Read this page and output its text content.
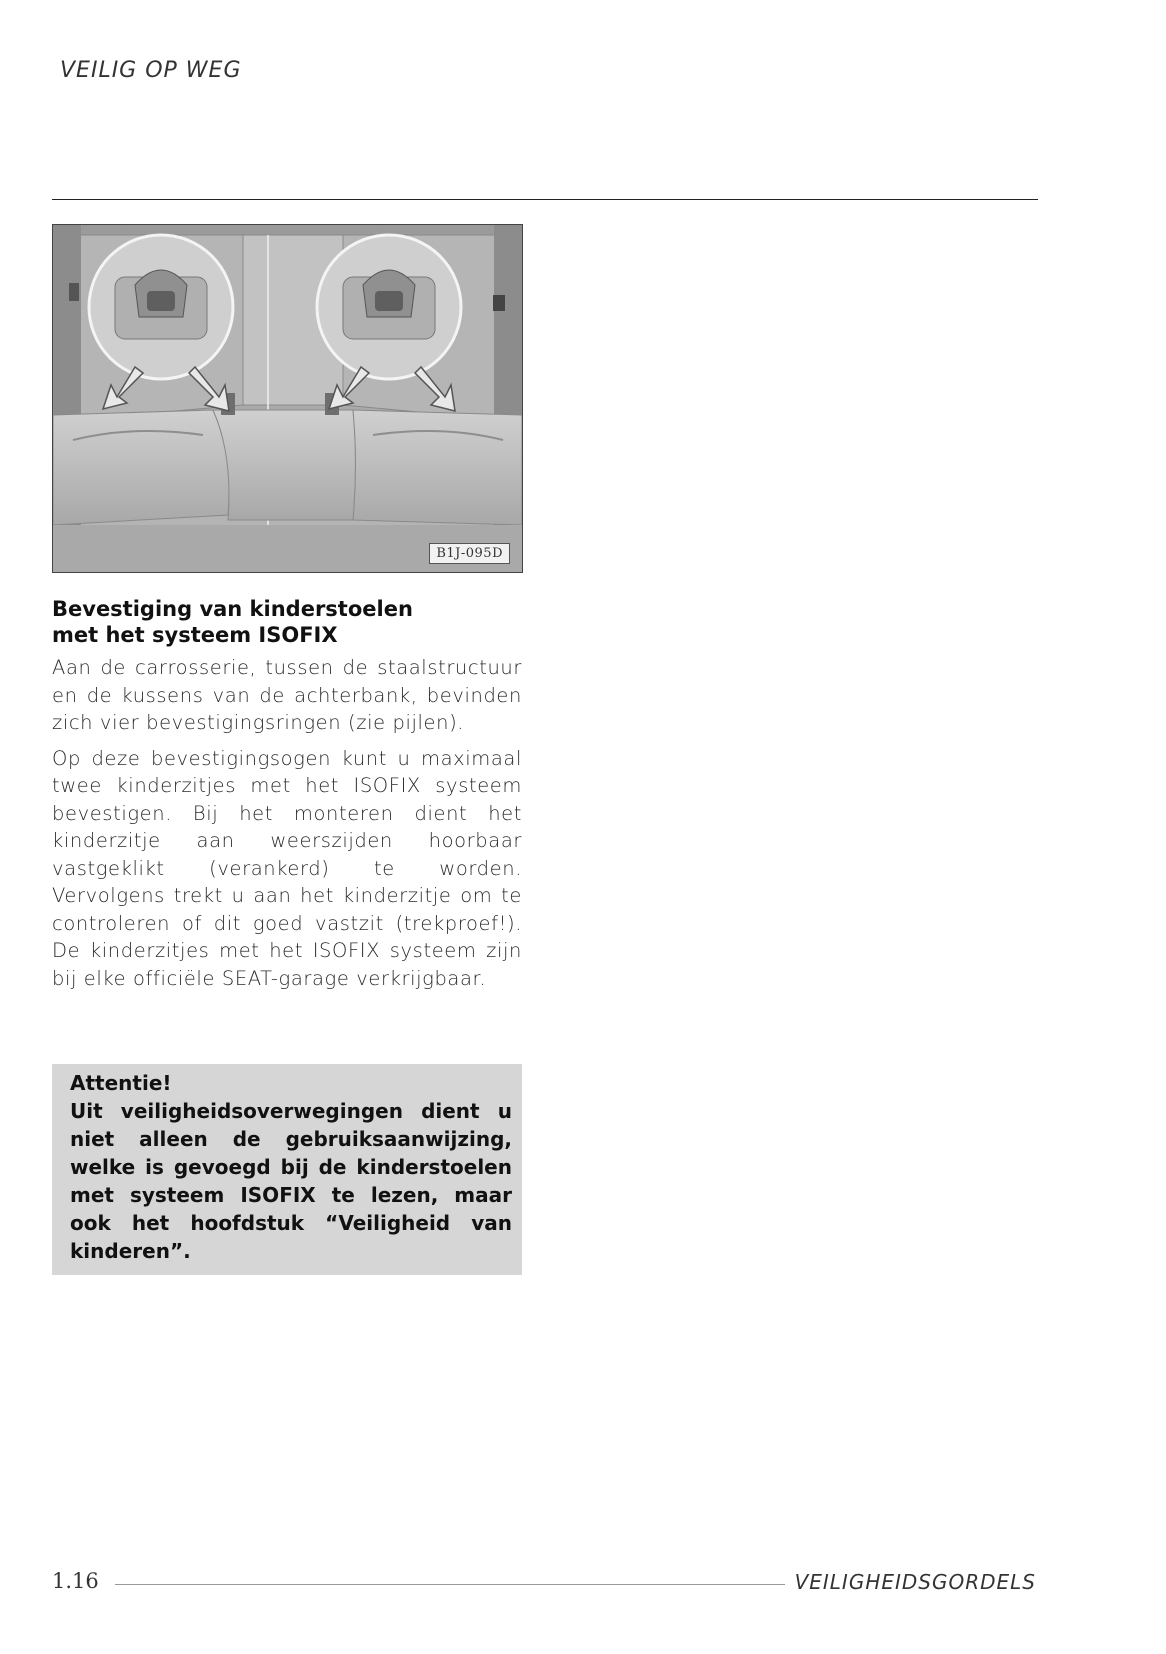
VEILIG OP WEG
B1J-095D
Bevestiging van kinderstoelen
met het systeem ISOFIX

Aan de carrosserie, tussen de staalstructuur en de kussens van de achterbank, bevinden zich vier bevestigingsringen (zie pijlen).

Op deze bevestigingsogen kunt u maximaal twee kinderzitjes met het ISOFIX systeem bevestigen. Bij het monteren dient het kinderzitje aan weerszijden hoorbaar vastgeklikt (verankerd) te worden. Vervolgens trekt u aan het kinderzitje om te controleren of dit goed vastzit (trekproef!). De kinderzitjes met het ISOFIX systeem zijn bij elke officiële SEAT-garage verkrijgbaar.

Attentie!
Uit veiligheidsoverwegingen dient u niet alleen de gebruiksaanwijzing, welke is gevoegd bij de kinderstoelen met systeem ISOFIX te lezen, maar ook het hoofdstuk “Veiligheid van kinderen”.
1.16	VEILIGHEIDSGORDELS
